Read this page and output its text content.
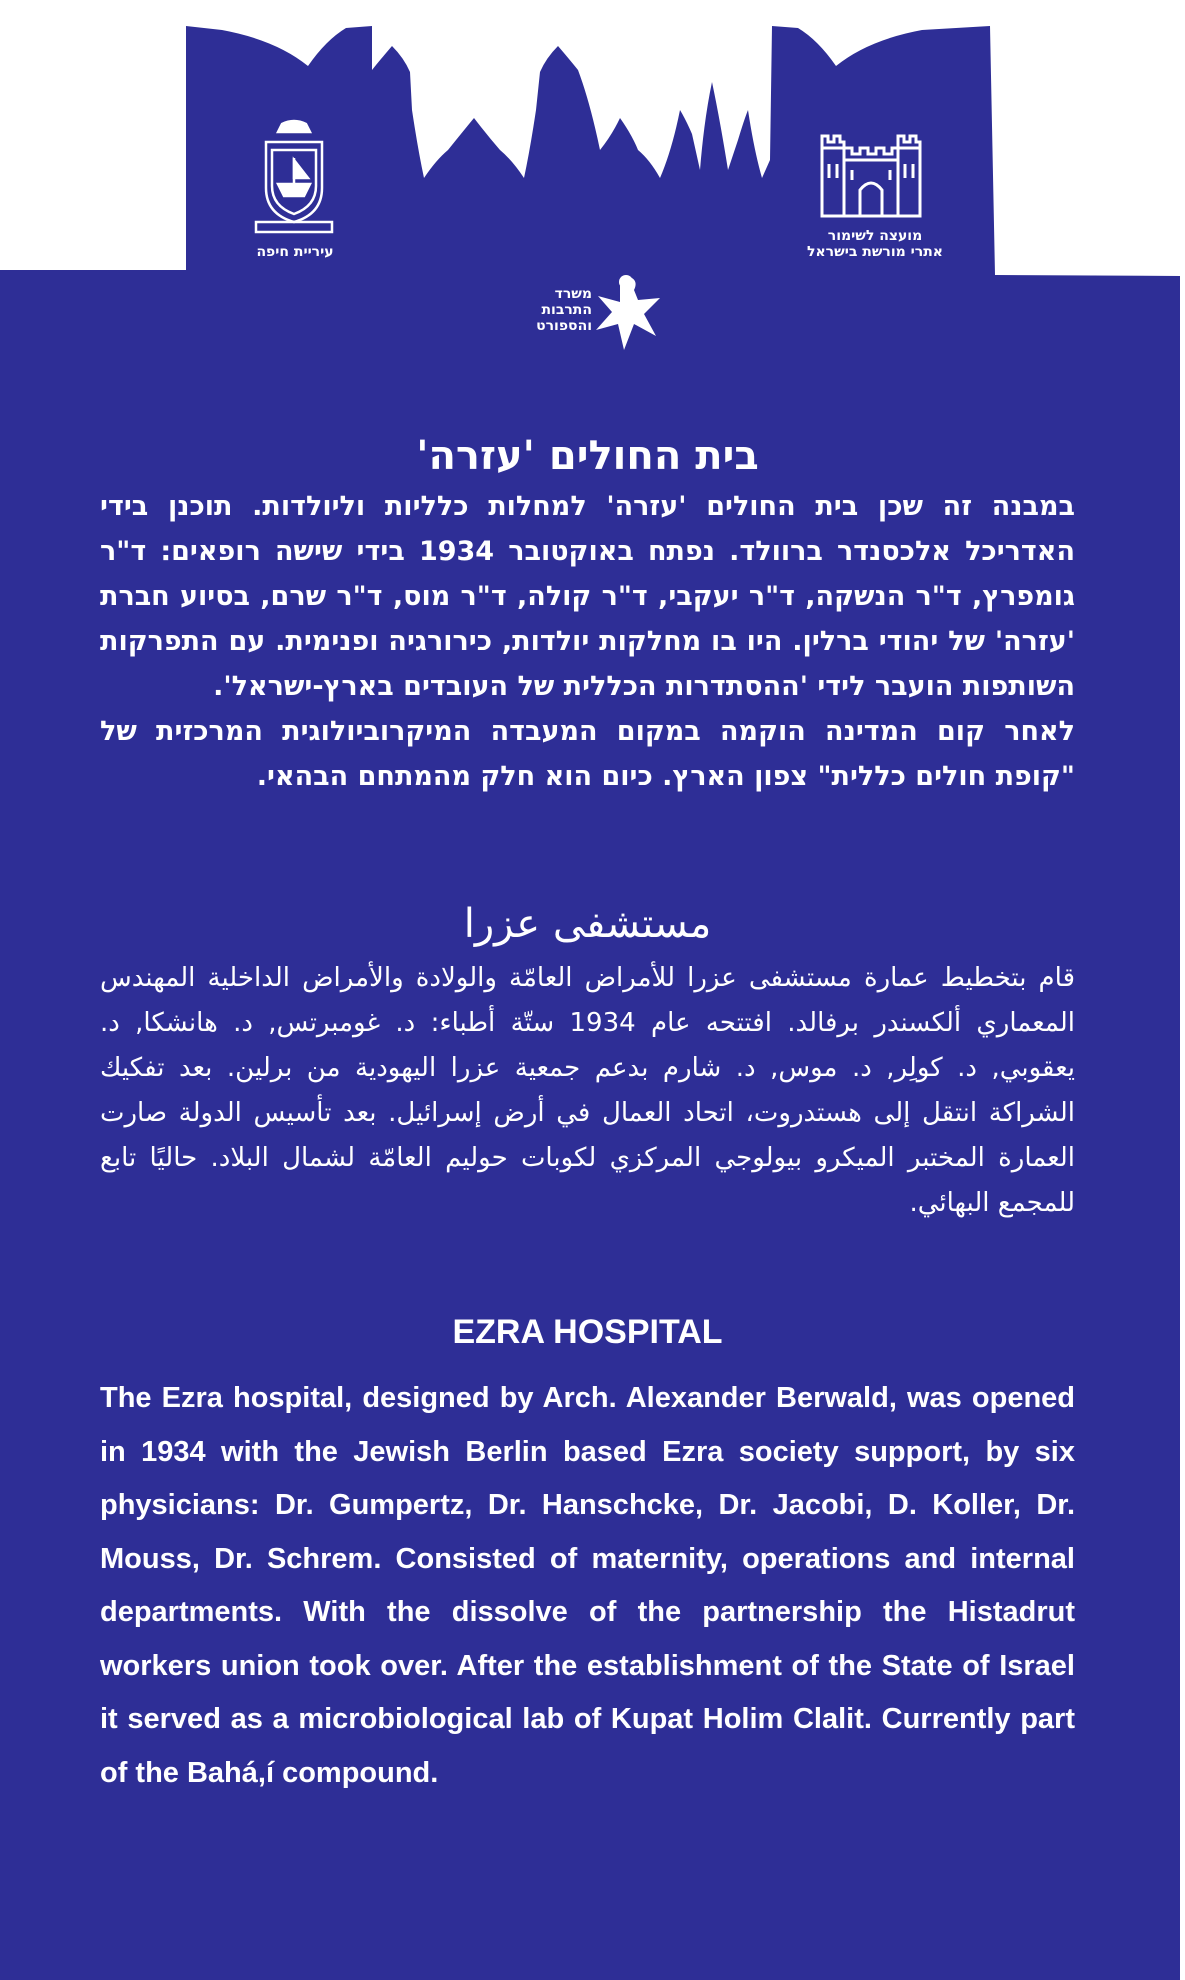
מועצה לשימור
אתרי מורשת בישראל
עיריית חיפה
משרד
התרבות
והספורט
בית החולים 'עזרה'

במבנה זה שכן בית החולים 'עזרה' למחלות כלליות וליולדות. תוכנן בידי האדריכל אלכסנדר ברוולד. נפתח באוקטובר 1934 בידי שישה רופאים: ד"ר גומפרץ, ד"ר הנשקה, ד"ר יעקבי, ד"ר קולה, ד"ר מוס, ד"ר שרם, בסיוע חברת 'עזרה' של יהודי ברלין. היו בו מחלקות יולדות, כירורגיה ופנימית. עם התפרקות השותפות הועבר לידי 'ההסתדרות הכללית של העובדים בארץ-ישראל'.

לאחר קום המדינה הוקמה במקום המעבדה המיקרוביולוגית המרכזית של "קופת חולים כללית" צפון הארץ. כיום הוא חלק מהמתחם הבהאי.

مستشفى عزرا

قام بتخطيط عمارة مستشفى عزرا للأمراض العامّة والولادة والأمراض الداخلية المهندس المعماري ألكسندر برفالد. افتتحه عام 1934 ستّة أطباء: د. غومبرتس, د. هانشكا, د. يعقوبي, د. كولِر, د. موس, د. شارم بدعم جمعية عزرا اليهودية من برلين. بعد تفكيك الشراكة انتقل إلى هستدروت، اتحاد العمال في أرض إسرائيل. بعد تأسيس الدولة صارت العمارة المختبر الميكرو بيولوجي المركزي لكوبات حوليم العامّة لشمال البلاد. حاليًا تابع للمجمع البهائي.

EZRA HOSPITAL

The Ezra hospital, designed by Arch. Alexander Berwald, was opened in 1934 with the Jewish Berlin based Ezra society support, by six physicians: Dr. Gumpertz, Dr. Hanschcke, Dr. Jacobi, D. Koller, Dr. Mouss, Dr. Schrem. Consisted of maternity, operations and internal departments. With the dissolve of the partnership the Histadrut workers union took over. After the establishment of the State of Israel it served as a microbiological lab of Kupat Holim Clalit. Currently part of the Bahá,í compound.
